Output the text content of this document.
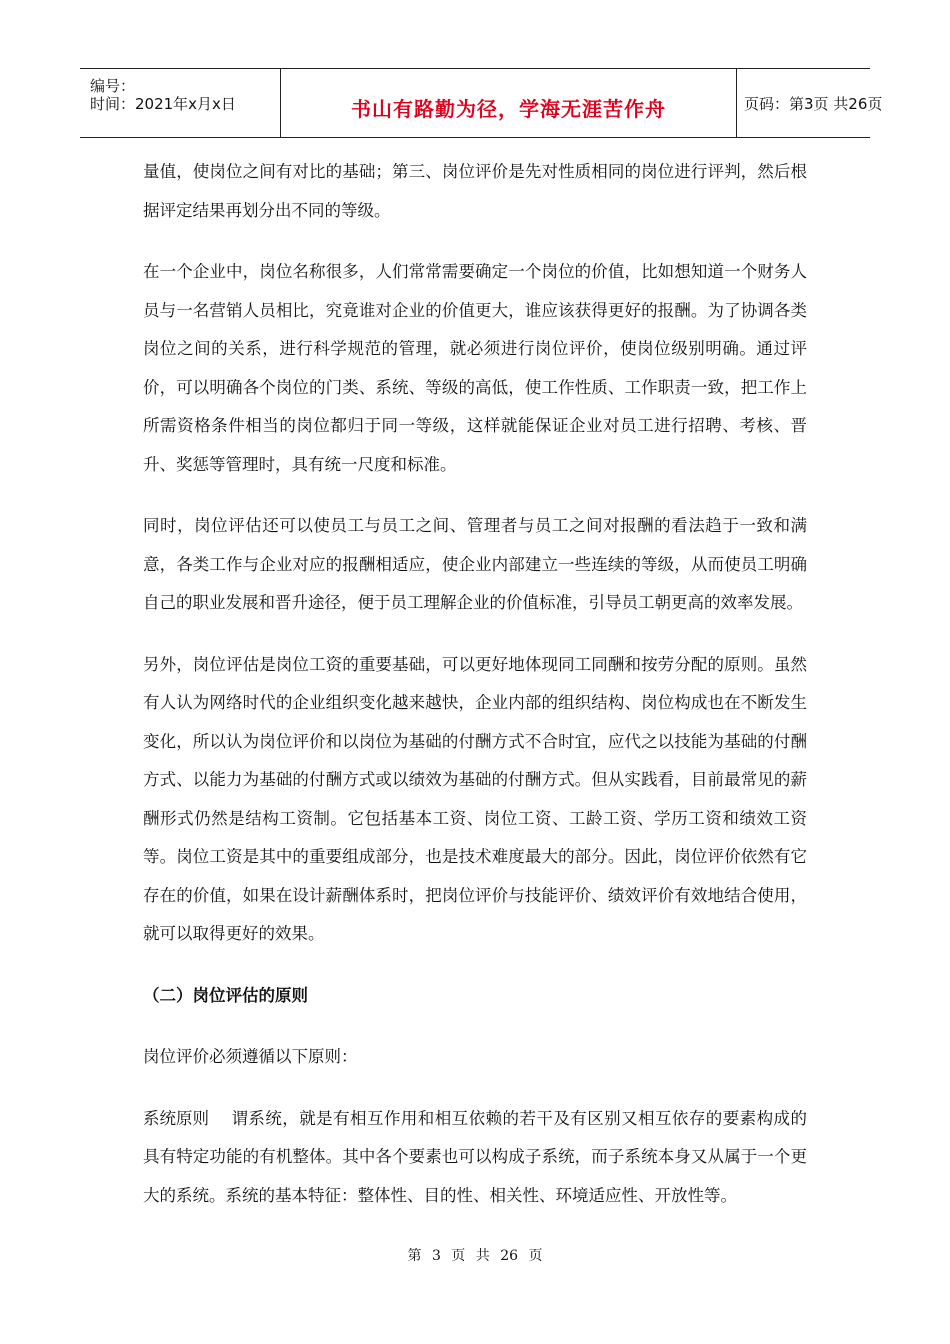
编号：
时间：2021年x月x日	书山有路勤为径，学海无涯苦作舟	页码：第3页 共26页

量值，使岗位之间有对比的基础；第三、岗位评价是先对性质相同的岗位进行评判，然后根据评定结果再划分出不同的等级。

在一个企业中，岗位名称很多，人们常常需要确定一个岗位的价值，比如想知道一个财务人员与一名营销人员相比，究竟谁对企业的价值更大，谁应该获得更好的报酬。为了协调各类岗位之间的关系，进行科学规范的管理，就必须进行岗位评价，使岗位级别明确。通过评价，可以明确各个岗位的门类、系统、等级的高低，使工作性质、工作职责一致，把工作上所需资格条件相当的岗位都归于同一等级，这样就能保证企业对员工进行招聘、考核、晋升、奖惩等管理时，具有统一尺度和标准。

同时，岗位评估还可以使员工与员工之间、管理者与员工之间对报酬的看法趋于一致和满意，各类工作与企业对应的报酬相适应，使企业内部建立一些连续的等级，从而使员工明确自己的职业发展和晋升途径，便于员工理解企业的价值标准，引导员工朝更高的效率发展。

另外，岗位评估是岗位工资的重要基础，可以更好地体现同工同酬和按劳分配的原则。虽然有人认为网络时代的企业组织变化越来越快，企业内部的组织结构、岗位构成也在不断发生变化，所以认为岗位评价和以岗位为基础的付酬方式不合时宜，应代之以技能为基础的付酬方式、以能力为基础的付酬方式或以绩效为基础的付酬方式。但从实践看，目前最常见的薪酬形式仍然是结构工资制。它包括基本工资、岗位工资、工龄工资、学历工资和绩效工资等。岗位工资是其中的重要组成部分，也是技术难度最大的部分。因此，岗位评价依然有它存在的价值，如果在设计薪酬体系时，把岗位评价与技能评价、绩效评价有效地结合使用，就可以取得更好的效果。

（二）岗位评估的原则

岗位评价必须遵循以下原则：

系统原则 谓系统，就是有相互作用和相互依赖的若干及有区别又相互依存的要素构成的具有特定功能的有机整体。其中各个要素也可以构成子系统，而子系统本身又从属于一个更大的系统。系统的基本特征：整体性、目的性、相关性、环境适应性、开放性等。

第 3 页 共 26 页
